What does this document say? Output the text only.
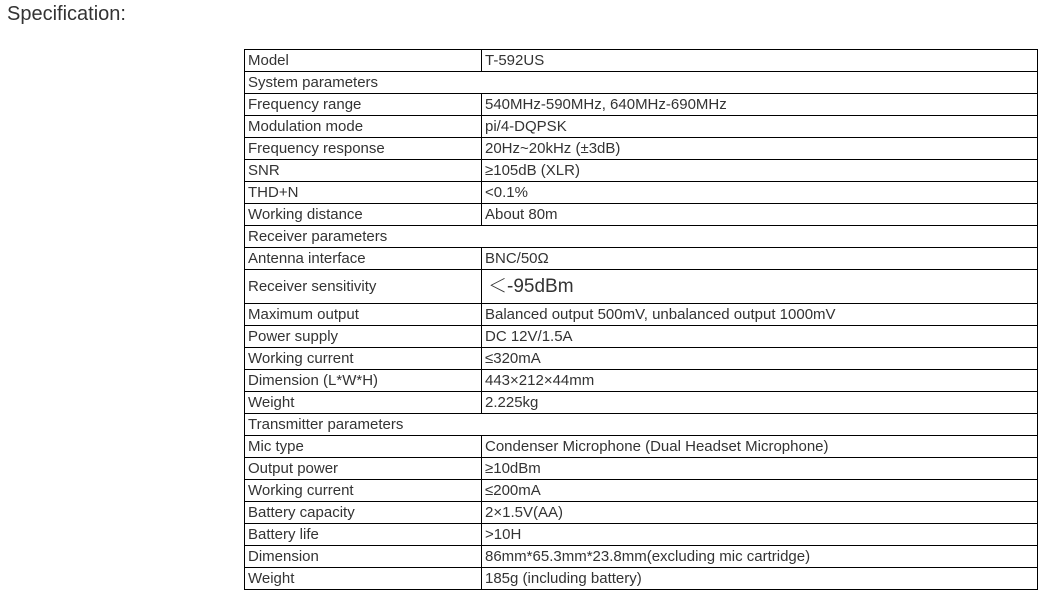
Specification:
Model	T-592US
System parameters	
Frequency range	540MHz-590MHz, 640MHz-690MHz
Modulation mode	pi/4-DQPSK
Frequency response	20Hz~20kHz (±3dB)
SNR	≥105dB (XLR)
THD+N	<0.1%
Working distance	About 80m
Receiver parameters	
Antenna interface	BNC/50Ω
Receiver sensitivity	＜-95dBm
Maximum output	Balanced output 500mV, unbalanced output 1000mV
Power supply	DC 12V/1.5A
Working current	≤320mA
Dimension (L*W*H)	443×212×44mm
Weight	2.225kg
Transmitter parameters	
Mic type	Condenser Microphone (Dual Headset Microphone)
Output power	≥10dBm
Working current	≤200mA
Battery capacity	2×1.5V(AA)
Battery life	>10H
Dimension	86mm*65.3mm*23.8mm(excluding mic cartridge)
Weight	185g (including battery)
